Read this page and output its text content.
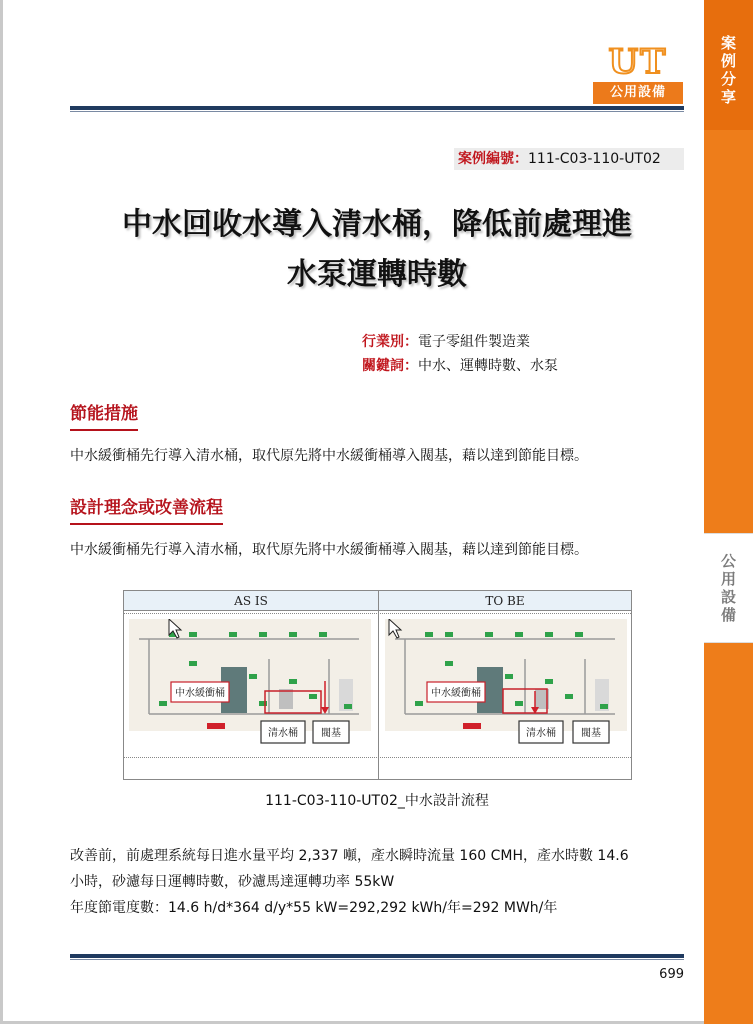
案
例
分
享
公
用
設
備
UT
公用設備
案例編號：111-C03-110-UT02
中水回收水導入清水桶，降低前處理進
水泵運轉時數
行業別：電子零組件製造業
關鍵詞：中水、運轉時數、水泵
節能措施
中水緩衝桶先行導入清水桶，取代原先將中水緩衝桶導入閥基，藉以達到節能目標。
設計理念或改善流程
中水緩衝桶先行導入清水桶，取代原先將中水緩衝桶導入閥基，藉以達到節能目標。
AS IS	TO BE
中水緩衝桶
清水桶 閥基
中水緩衝桶
清水桶	閥基
111-C03-110-UT02_中水設計流程
改善前，前處理系統每日進水量平均 2,337 噸，產水瞬時流量 160 CMH，產水時數 14.6
小時，砂濾每日運轉時數，砂濾馬達運轉功率 55kW
年度節電度數：14.6 h/d*364 d/y*55 kW=292,292 kWh/年=292 MWh/年
699
